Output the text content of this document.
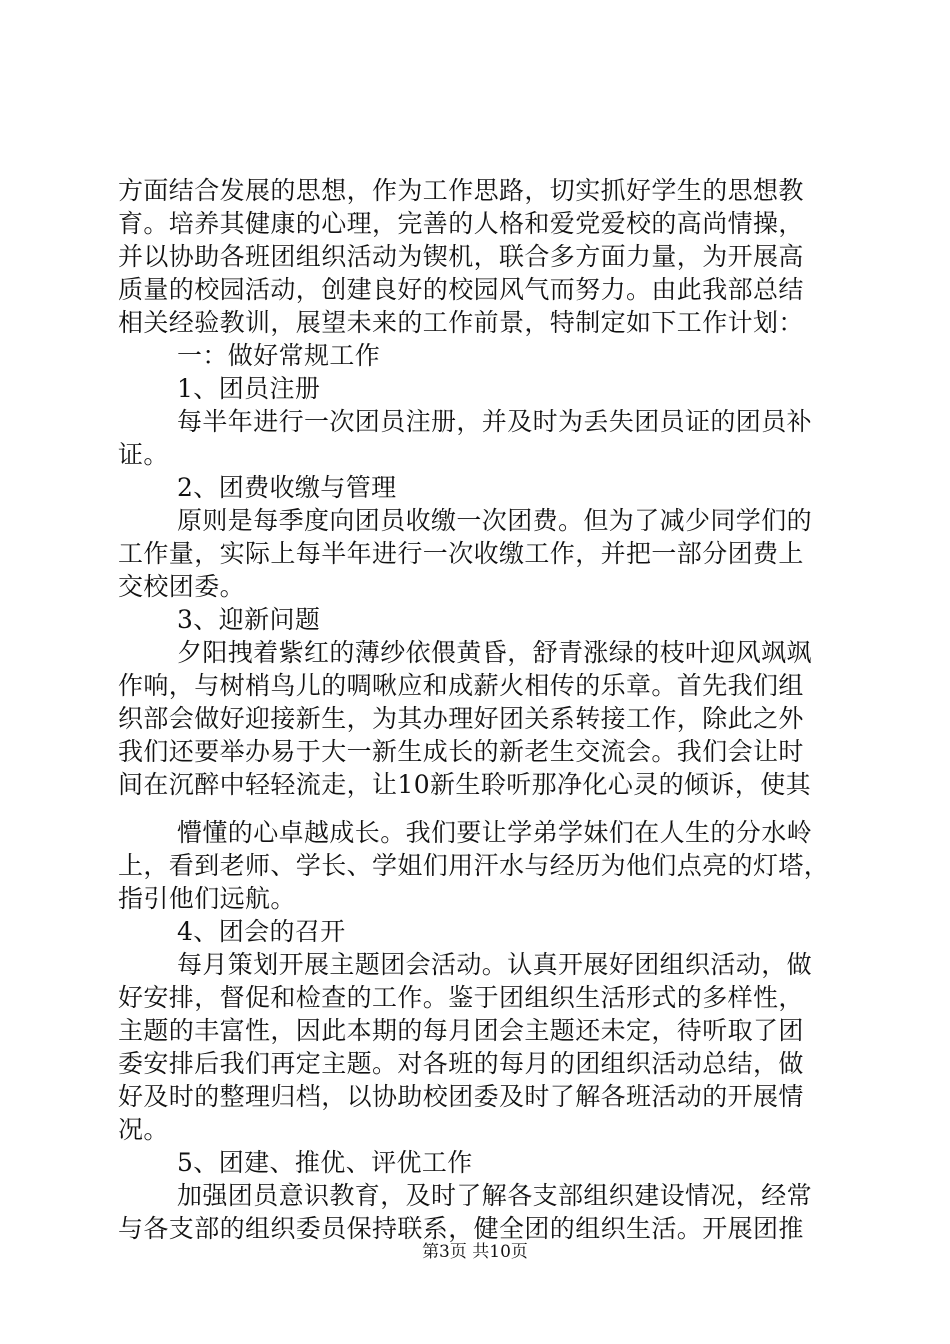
方面结合发展的思想，作为工作思路，切实抓好学生的思想教
育。培养其健康的心理，完善的人格和爱党爱校的高尚情操，
并以协助各班团组织活动为锲机，联合多方面力量，为开展高
质量的校园活动，创建良好的校园风气而努力。由此我部总结
相关经验教训，展望未来的工作前景，特制定如下工作计划：
一：做好常规工作
1、团员注册
每半年进行一次团员注册，并及时为丢失团员证的团员补
证。
2、团费收缴与管理
原则是每季度向团员收缴一次团费。但为了减少同学们的
工作量，实际上每半年进行一次收缴工作，并把一部分团费上
交校团委。
3、迎新问题
夕阳拽着紫红的薄纱依偎黄昏，舒青涨绿的枝叶迎风飒飒
作响，与树梢鸟儿的啁啾应和成薪火相传的乐章。首先我们组
织部会做好迎接新生，为其办理好团关系转接工作，除此之外
我们还要举办易于大一新生成长的新老生交流会。我们会让时
间在沉醉中轻轻流走，让10新生聆听那净化心灵的倾诉，使其
懵懂的心卓越成长。我们要让学弟学妹们在人生的分水岭
上，看到老师、学长、学姐们用汗水与经历为他们点亮的灯塔，
指引他们远航。
4、团会的召开
每月策划开展主题团会活动。认真开展好团组织活动，做
好安排，督促和检查的工作。鉴于团组织生活形式的多样性，
主题的丰富性，因此本期的每月团会主题还未定，待听取了团
委安排后我们再定主题。对各班的每月的团组织活动总结，做
好及时的整理归档，以协助校团委及时了解各班活动的开展情
况。
5、团建、推优、评优工作
加强团员意识教育，及时了解各支部组织建设情况，经常
与各支部的组织委员保持联系，健全团的组织生活。开展团推
第3页 共10页
